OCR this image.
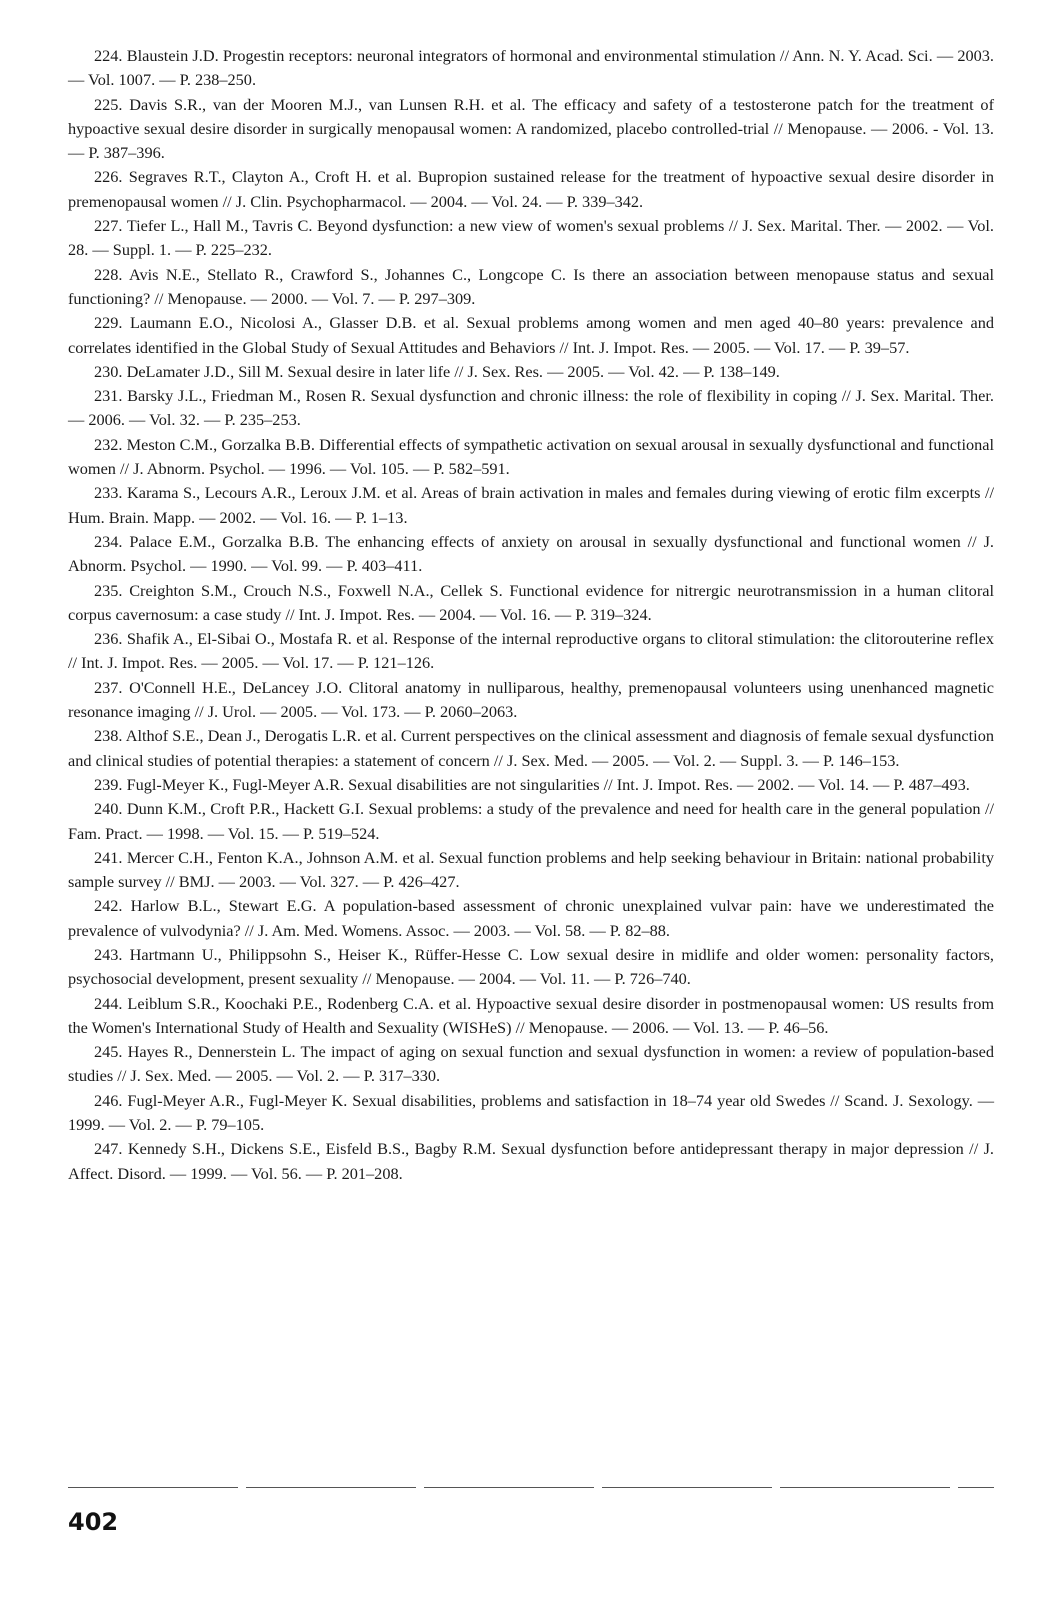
224. Blaustein J.D. Progestin receptors: neuronal integrators of hormonal and environmental stimulation // Ann. N. Y. Acad. Sci. — 2003. — Vol. 1007. — P. 238–250.

225. Davis S.R., van der Mooren M.J., van Lunsen R.H. et al. The efficacy and safety of a testosterone patch for the treatment of hypoactive sexual desire disorder in surgically menopausal women: A randomized, placebo controlled-trial // Menopause. — 2006. - Vol. 13. — P. 387–396.

226. Segraves R.T., Clayton A., Croft H. et al. Bupropion sustained release for the treatment of hypoactive sexual desire disorder in premenopausal women // J. Clin. Psychopharmacol. — 2004. — Vol. 24. — P. 339–342.

227. Tiefer L., Hall M., Tavris C. Beyond dysfunction: a new view of women's sexual problems // J. Sex. Marital. Ther. — 2002. — Vol. 28. — Suppl. 1. — P. 225–232.

228. Avis N.E., Stellato R., Crawford S., Johannes C., Longcope C. Is there an association between menopause status and sexual functioning? // Menopause. — 2000. — Vol. 7. — P. 297–309.

229. Laumann E.O., Nicolosi A., Glasser D.B. et al. Sexual problems among women and men aged 40–80 years: prevalence and correlates identified in the Global Study of Sexual Attitudes and Behaviors // Int. J. Impot. Res. — 2005. — Vol. 17. — P. 39–57.

230. DeLamater J.D., Sill M. Sexual desire in later life // J. Sex. Res. — 2005. — Vol. 42. — P. 138–149.

231. Barsky J.L., Friedman M., Rosen R. Sexual dysfunction and chronic illness: the role of flexibility in coping // J. Sex. Marital. Ther. — 2006. — Vol. 32. — P. 235–253.

232. Meston C.M., Gorzalka B.B. Differential effects of sympathetic activation on sexual arousal in sexually dysfunctional and functional women // J. Abnorm. Psychol. — 1996. — Vol. 105. — P. 582–591.

233. Karama S., Lecours A.R., Leroux J.M. et al. Areas of brain activation in males and females during viewing of erotic film excerpts // Hum. Brain. Mapp. — 2002. — Vol. 16. — P. 1–13.

234. Palace E.M., Gorzalka B.B. The enhancing effects of anxiety on arousal in sexually dysfunctional and functional women // J. Abnorm. Psychol. — 1990. — Vol. 99. — P. 403–411.

235. Creighton S.M., Crouch N.S., Foxwell N.A., Cellek S. Functional evidence for nitrergic neurotransmission in a human clitoral corpus cavernosum: a case study // Int. J. Impot. Res. — 2004. — Vol. 16. — P. 319–324.

236. Shafik A., El-Sibai O., Mostafa R. et al. Response of the internal reproductive organs to clitoral stimulation: the clitorouterine reflex // Int. J. Impot. Res. — 2005. — Vol. 17. — P. 121–126.

237. O'Connell H.E., DeLancey J.O. Clitoral anatomy in nulliparous, healthy, premenopausal volunteers using unenhanced magnetic resonance imaging // J. Urol. — 2005. — Vol. 173. — P. 2060–2063.

238. Althof S.E., Dean J., Derogatis L.R. et al. Current perspectives on the clinical assessment and diagnosis of female sexual dysfunction and clinical studies of potential therapies: a statement of concern // J. Sex. Med. — 2005. — Vol. 2. — Suppl. 3. — P. 146–153.

239. Fugl-Meyer K., Fugl-Meyer A.R. Sexual disabilities are not singularities // Int. J. Impot. Res. — 2002. — Vol. 14. — P. 487–493.

240. Dunn K.M., Croft P.R., Hackett G.I. Sexual problems: a study of the prevalence and need for health care in the general population // Fam. Pract. — 1998. — Vol. 15. — P. 519–524.

241. Mercer C.H., Fenton K.A., Johnson A.M. et al. Sexual function problems and help seeking behaviour in Britain: national probability sample survey // BMJ. — 2003. — Vol. 327. — P. 426–427.

242. Harlow B.L., Stewart E.G. A population-based assessment of chronic unexplained vulvar pain: have we underestimated the prevalence of vulvodynia? // J. Am. Med. Womens. Assoc. — 2003. — Vol. 58. — P. 82–88.

243. Hartmann U., Philippsohn S., Heiser K., Rüffer-Hesse C. Low sexual desire in midlife and older women: personality factors, psychosocial development, present sexuality // Menopause. — 2004. — Vol. 11. — P. 726–740.

244. Leiblum S.R., Koochaki P.E., Rodenberg C.A. et al. Hypoactive sexual desire disorder in postmenopausal women: US results from the Women's International Study of Health and Sexuality (WISHeS) // Menopause. — 2006. — Vol. 13. — P. 46–56.

245. Hayes R., Dennerstein L. The impact of aging on sexual function and sexual dysfunction in women: a review of population-based studies // J. Sex. Med. — 2005. — Vol. 2. — P. 317–330.

246. Fugl-Meyer A.R., Fugl-Meyer K. Sexual disabilities, problems and satisfaction in 18–74 year old Swedes // Scand. J. Sexology. — 1999. — Vol. 2. — P. 79–105.

247. Kennedy S.H., Dickens S.E., Eisfeld B.S., Bagby R.M. Sexual dysfunction before antidepressant therapy in major depression // J. Affect. Disord. — 1999. — Vol. 56. — P. 201–208.

402
